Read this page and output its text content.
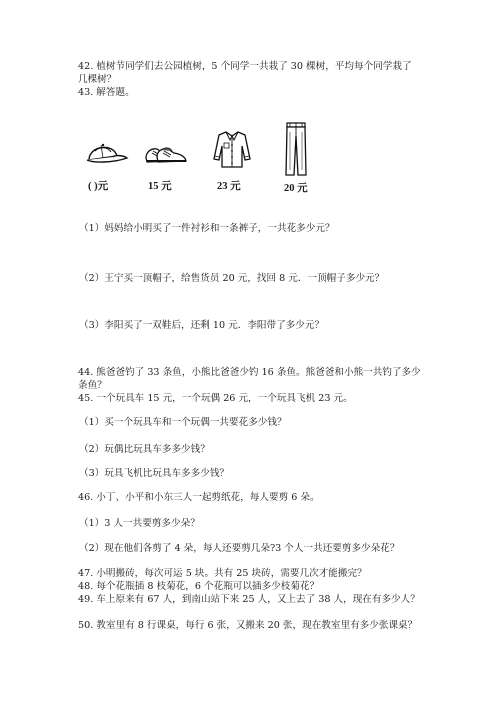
42. 植树节同学们去公园植树，5 个同学一共栽了 30 棵树，平均每个同学栽了
几棵树？
43. 解答题。
( )元	15 元	23 元	20 元
（1）妈妈给小明买了一件衬衫和一条裤子，一共花多少元？
（2）王宁买一顶帽子，给售货员 20 元，找回 8 元．一顶帽子多少元？
（3）李阳买了一双鞋后，还剩 10 元．李阳带了多少元？
44. 熊爸爸钓了 33 条鱼，小熊比爸爸少钓 16 条鱼。熊爸爸和小熊一共钓了多少
条鱼？
45. 一个玩具车 15 元，一个玩偶 26 元，一个玩具飞机 23 元。
（1）买一个玩具车和一个玩偶一共要花多少钱？
（2）玩偶比玩具车多多少钱？
（3）玩具飞机比玩具车多多少钱？
46. 小丁、小平和小东三人一起剪纸花，每人要剪 6 朵。
（1）3 人一共要剪多少朵？
（2）现在他们各剪了 4 朵，每人还要剪几朵?3 个人一共还要剪多少朵花？
47. 小明搬砖，每次可运 5 块。共有 25 块砖，需要几次才能搬完？
48. 每个花瓶插 8 枝菊花，6 个花瓶可以插多少枝菊花？
49. 车上原来有 67 人，到南山站下来 25 人，又上去了 38 人，现在有多少人？
50. 教室里有 8 行课桌，每行 6 张，又搬来 20 张，现在教室里有多少张课桌？
